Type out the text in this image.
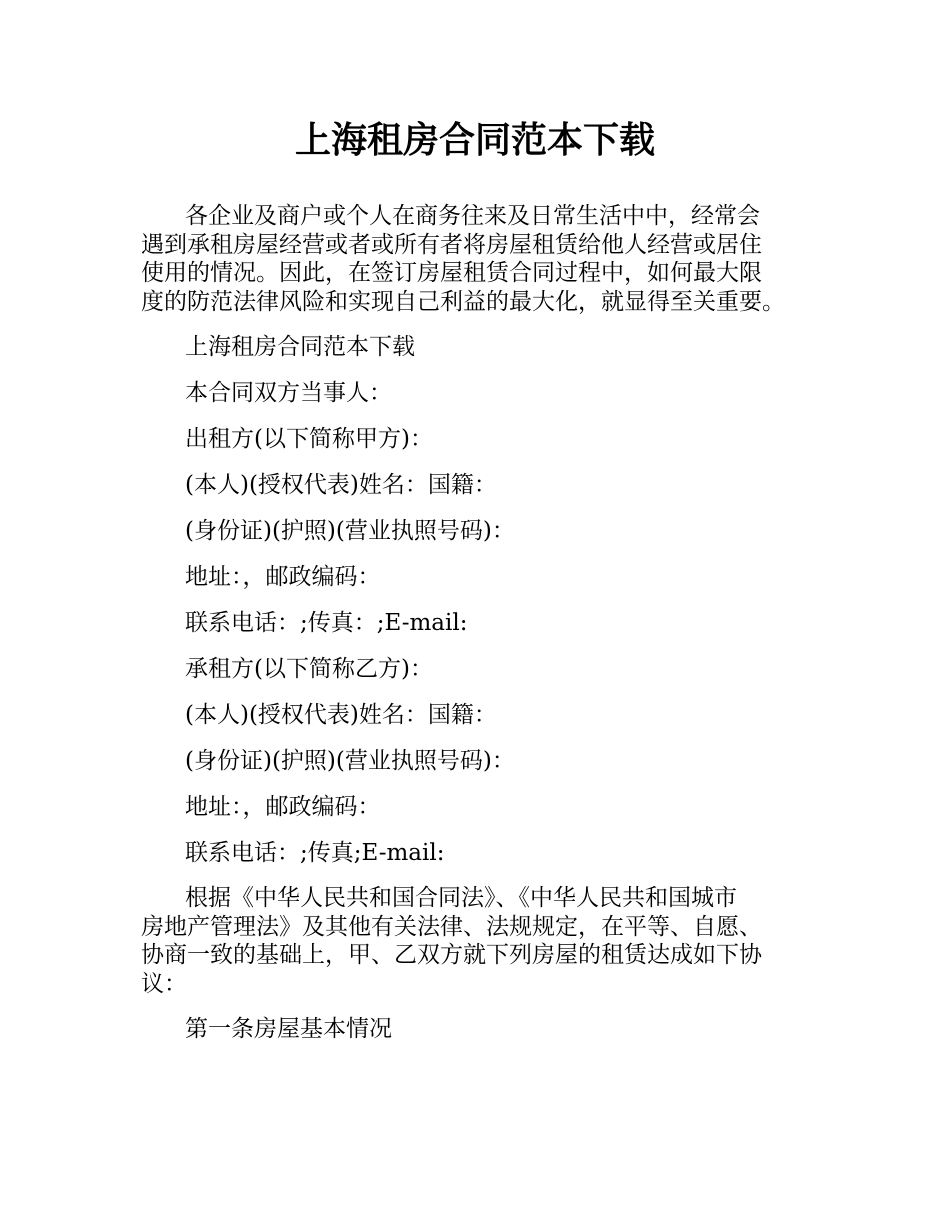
上海租房合同范本下载

各企业及商户或个人在商务往来及日常生活中中，经常会
遇到承租房屋经营或者或所有者将房屋租赁给他人经营或居住
使用的情况。因此，在签订房屋租赁合同过程中，如何最大限
度的防范法律风险和实现自己利益的最大化，就显得至关重要。

上海租房合同范本下载

本合同双方当事人：

出租方(以下简称甲方)：

(本人)(授权代表)姓名：国籍：

(身份证)(护照)(营业执照号码)：

地址：，邮政编码：

联系电话：;传真：;E-mail:

承租方(以下简称乙方)：

(本人)(授权代表)姓名：国籍：

(身份证)(护照)(营业执照号码)：

地址：，邮政编码：

联系电话：;传真;E-mail:

根据《中华人民共和国合同法》、《中华人民共和国城市
房地产管理法》及其他有关法律、法规规定，在平等、自愿、
协商一致的基础上，甲、乙双方就下列房屋的租赁达成如下协
议：

第一条房屋基本情况
